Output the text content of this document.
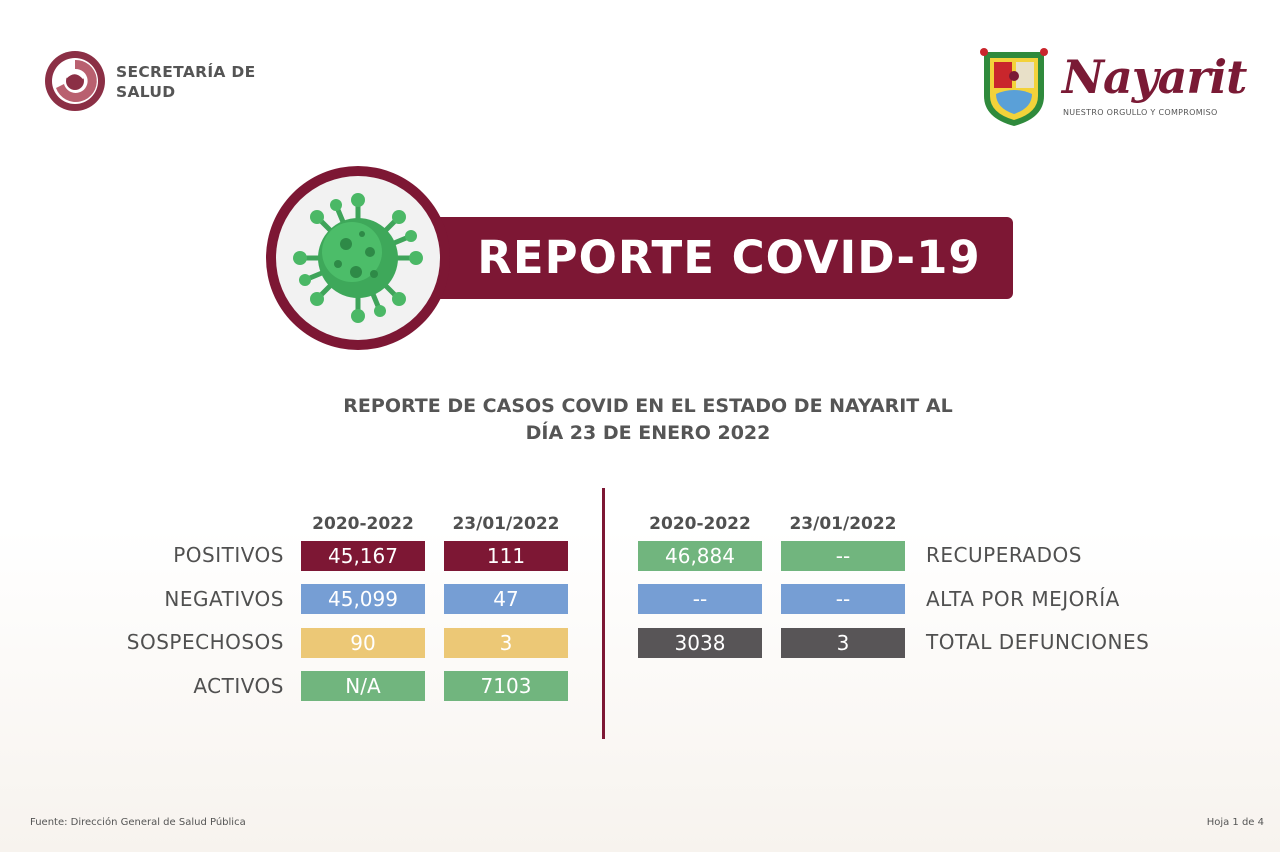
SECRETARÍA DE
SALUD	Nayarit
NUESTRO ORGULLO Y COMPROMISO
REPORTE COVID-19
REPORTE DE CASOS COVID EN EL ESTADO DE NAYARIT AL
DÍA 23 DE ENERO 2022
2020-2022	23/01/2022
POSITIVOS	45,167	111
NEGATIVOS	45,099	47
SOSPECHOSOS	90	3
ACTIVOS	N/A	7103
2020-2022	23/01/2022
46,884	--	RECUPERADOS
--	--	ALTA POR MEJORÍA
3038	3	TOTAL DEFUNCIONES
Fuente: Dirección General de Salud Pública	Hoja 1 de 4
